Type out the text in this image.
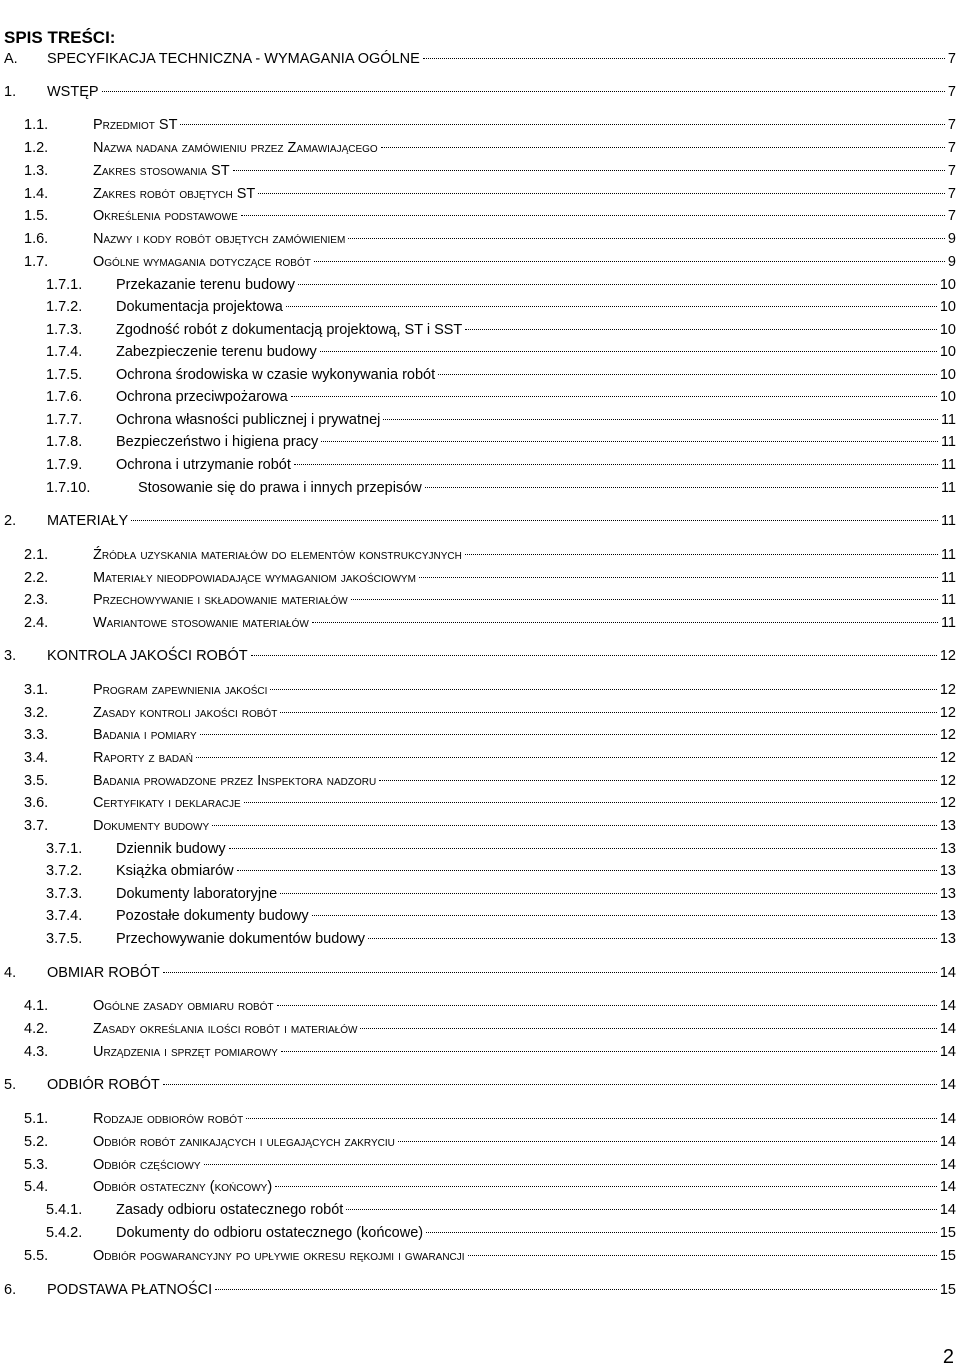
SPIS TREŚCI:
A. SPECYFIKACJA TECHNICZNA - WYMAGANIA OGÓLNE	7
1. WSTĘP	7
1.1.	Przedmiot ST	7
1.2.	Nazwa nadana zamówieniu przez Zamawiającego	7
1.3.	Zakres stosowania ST	7
1.4.	Zakres robót objętych ST	7
1.5.	Określenia podstawowe	7
1.6.	Nazwy i kody robót objętych zamówieniem	9
1.7.	Ogólne wymagania dotyczące robót	9
1.7.1. Przekazanie terenu budowy	10
1.7.2. Dokumentacja projektowa	10
1.7.3. Zgodność robót z dokumentacją projektową, ST i SST	10
1.7.4. Zabezpieczenie terenu budowy	10
1.7.5. Ochrona środowiska w czasie wykonywania robót	10
1.7.6. Ochrona przeciwpożarowa	10
1.7.7. Ochrona własności publicznej i prywatnej	11
1.7.8. Bezpieczeństwo i higiena pracy	11
1.7.9. Ochrona i utrzymanie robót	11
1.7.10.	Stosowanie się do prawa i innych przepisów	11
2. MATERIAŁY	11
2.1.	Źródła uzyskania materiałów do elementów konstrukcyjnych	11
2.2.	Materiały nieodpowiadające wymaganiom jakościowym	11
2.3.	Przechowywanie i składowanie materiałów	11
2.4.	Wariantowe stosowanie materiałów	11
3. KONTROLA JAKOŚCI ROBÓT	12
3.1.	Program zapewnienia jakości	12
3.2.	Zasady kontroli jakości robót	12
3.3.	Badania i pomiary	12
3.4.	Raporty z badań	12
3.5.	Badania prowadzone przez Inspektora nadzoru	12
3.6.	Certyfikaty i deklaracje	12
3.7.	Dokumenty budowy	13
3.7.1. Dziennik budowy	13
3.7.2. Książka obmiarów	13
3.7.3. Dokumenty laboratoryjne	13
3.7.4. Pozostałe dokumenty budowy	13
3.7.5. Przechowywanie dokumentów budowy	13
4. OBMIAR ROBÓT	14
4.1.	Ogólne zasady obmiaru robót	14
4.2.	Zasady określania ilości robót i materiałów	14
4.3.	Urządzenia i sprzęt pomiarowy	14
5. ODBIÓR ROBÓT	14
5.1.	Rodzaje odbiorów robót	14
5.2.	Odbiór robót zanikających i ulegających zakryciu	14
5.3.	Odbiór częściowy	14
5.4.	Odbiór ostateczny (końcowy)	14
5.4.1. Zasady odbioru ostatecznego robót	14
5.4.2. Dokumenty do odbioru ostatecznego (końcowe)	15
5.5.	Odbiór pogwarancyjny po upływie okresu rękojmi i gwarancji	15
6. PODSTAWA PŁATNOŚCI	15
2
